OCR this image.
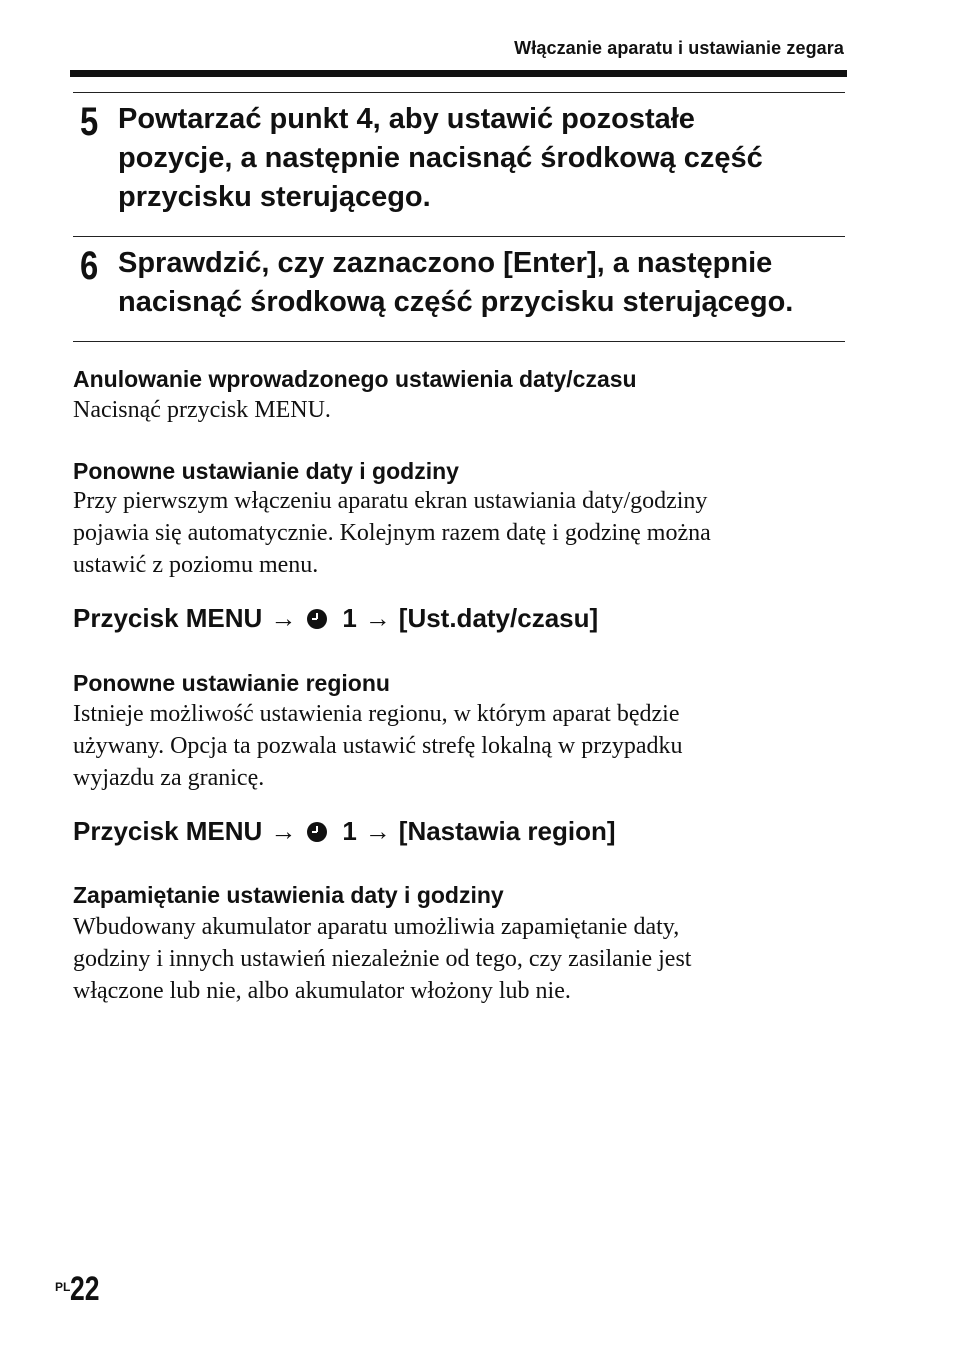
Włączanie aparatu i ustawianie zegara
5 Powtarzać punkt 4, aby ustawić pozostałe
pozycje, a następnie nacisnąć środkową część
przycisku sterującego.
6 Sprawdzić, czy zaznaczono [Enter], a następnie
nacisnąć środkową część przycisku sterującego.
Anulowanie wprowadzonego ustawienia daty/czasu
Nacisnąć przycisk MENU.
Ponowne ustawianie daty i godziny
Przy pierwszym włączeniu aparatu ekran ustawiania daty/godziny
pojawia się automatycznie. Kolejnym razem datę i godzinę można
ustawić z poziomu menu.
Przycisk MENU → 1 → [Ust.daty/czasu]
Ponowne ustawianie regionu
Istnieje możliwość ustawienia regionu, w którym aparat będzie
używany. Opcja ta pozwala ustawić strefę lokalną w przypadku
wyjazdu za granicę.
Przycisk MENU → 1 → [Nastawia region]
Zapamiętanie ustawienia daty i godziny
Wbudowany akumulator aparatu umożliwia zapamiętanie daty,
godziny i innych ustawień niezależnie od tego, czy zasilanie jest
włączone lub nie, albo akumulator włożony lub nie.
PL 22
